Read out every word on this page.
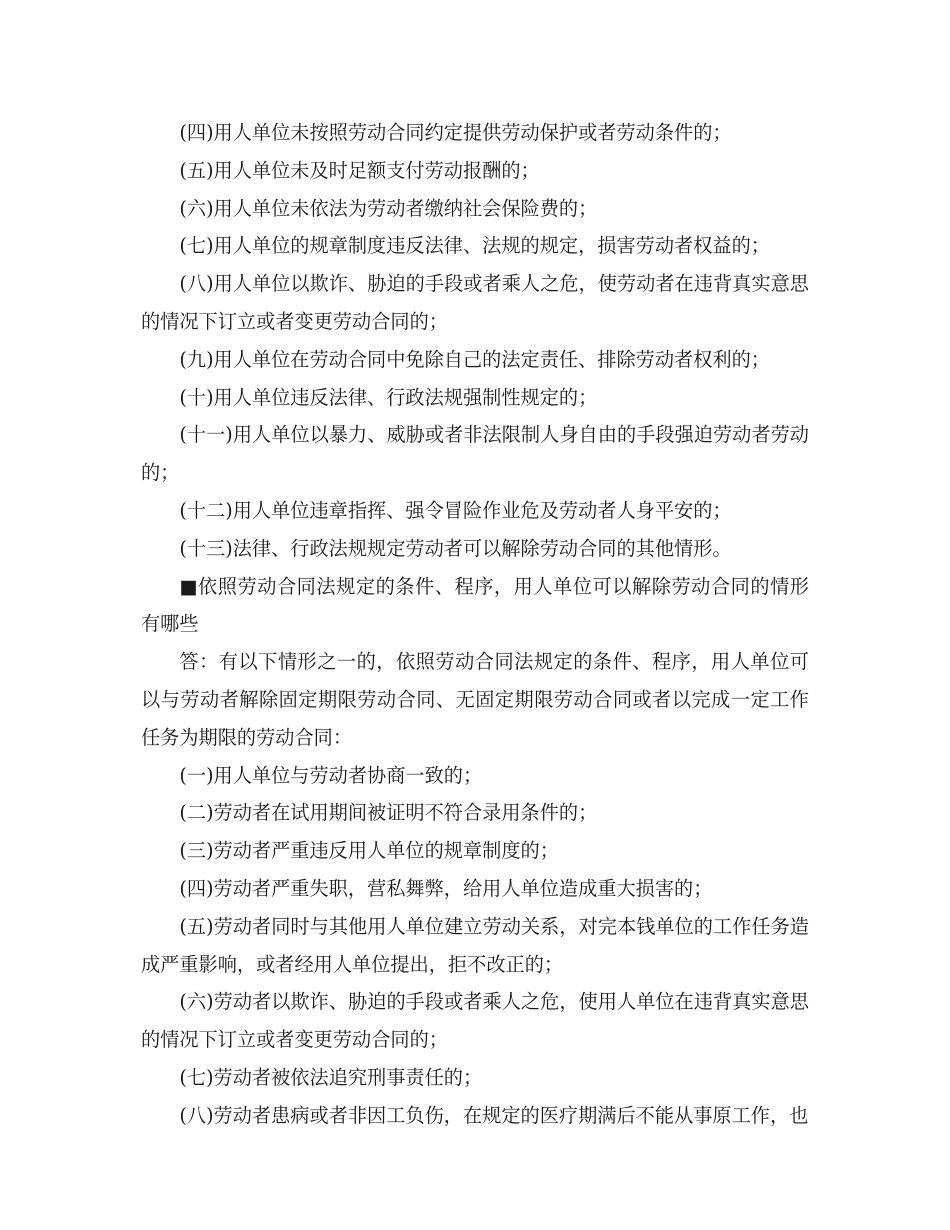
(四)用人单位未按照劳动合同约定提供劳动保护或者劳动条件的；

(五)用人单位未及时足额支付劳动报酬的；

(六)用人单位未依法为劳动者缴纳社会保险费的；

(七)用人单位的规章制度违反法律、法规的规定，损害劳动者权益的；

(八)用人单位以欺诈、胁迫的手段或者乘人之危，使劳动者在违背真实意思的情况下订立或者变更劳动合同的；

(九)用人单位在劳动合同中免除自己的法定责任、排除劳动者权利的；

(十)用人单位违反法律、行政法规强制性规定的；

(十一)用人单位以暴力、威胁或者非法限制人身自由的手段强迫劳动者劳动的；

(十二)用人单位违章指挥、强令冒险作业危及劳动者人身平安的；

(十三)法律、行政法规规定劳动者可以解除劳动合同的其他情形。

■依照劳动合同法规定的条件、程序，用人单位可以解除劳动合同的情形有哪些

答：有以下情形之一的，依照劳动合同法规定的条件、程序，用人单位可以与劳动者解除固定期限劳动合同、无固定期限劳动合同或者以完成一定工作任务为期限的劳动合同：

(一)用人单位与劳动者协商一致的；

(二)劳动者在试用期间被证明不符合录用条件的；

(三)劳动者严重违反用人单位的规章制度的；

(四)劳动者严重失职，营私舞弊，给用人单位造成重大损害的；

(五)劳动者同时与其他用人单位建立劳动关系，对完本钱单位的工作任务造成严重影响，或者经用人单位提出，拒不改正的；

(六)劳动者以欺诈、胁迫的手段或者乘人之危，使用人单位在违背真实意思的情况下订立或者变更劳动合同的；

(七)劳动者被依法追究刑事责任的；

(八)劳动者患病或者非因工负伤，在规定的医疗期满后不能从事原工作，也
